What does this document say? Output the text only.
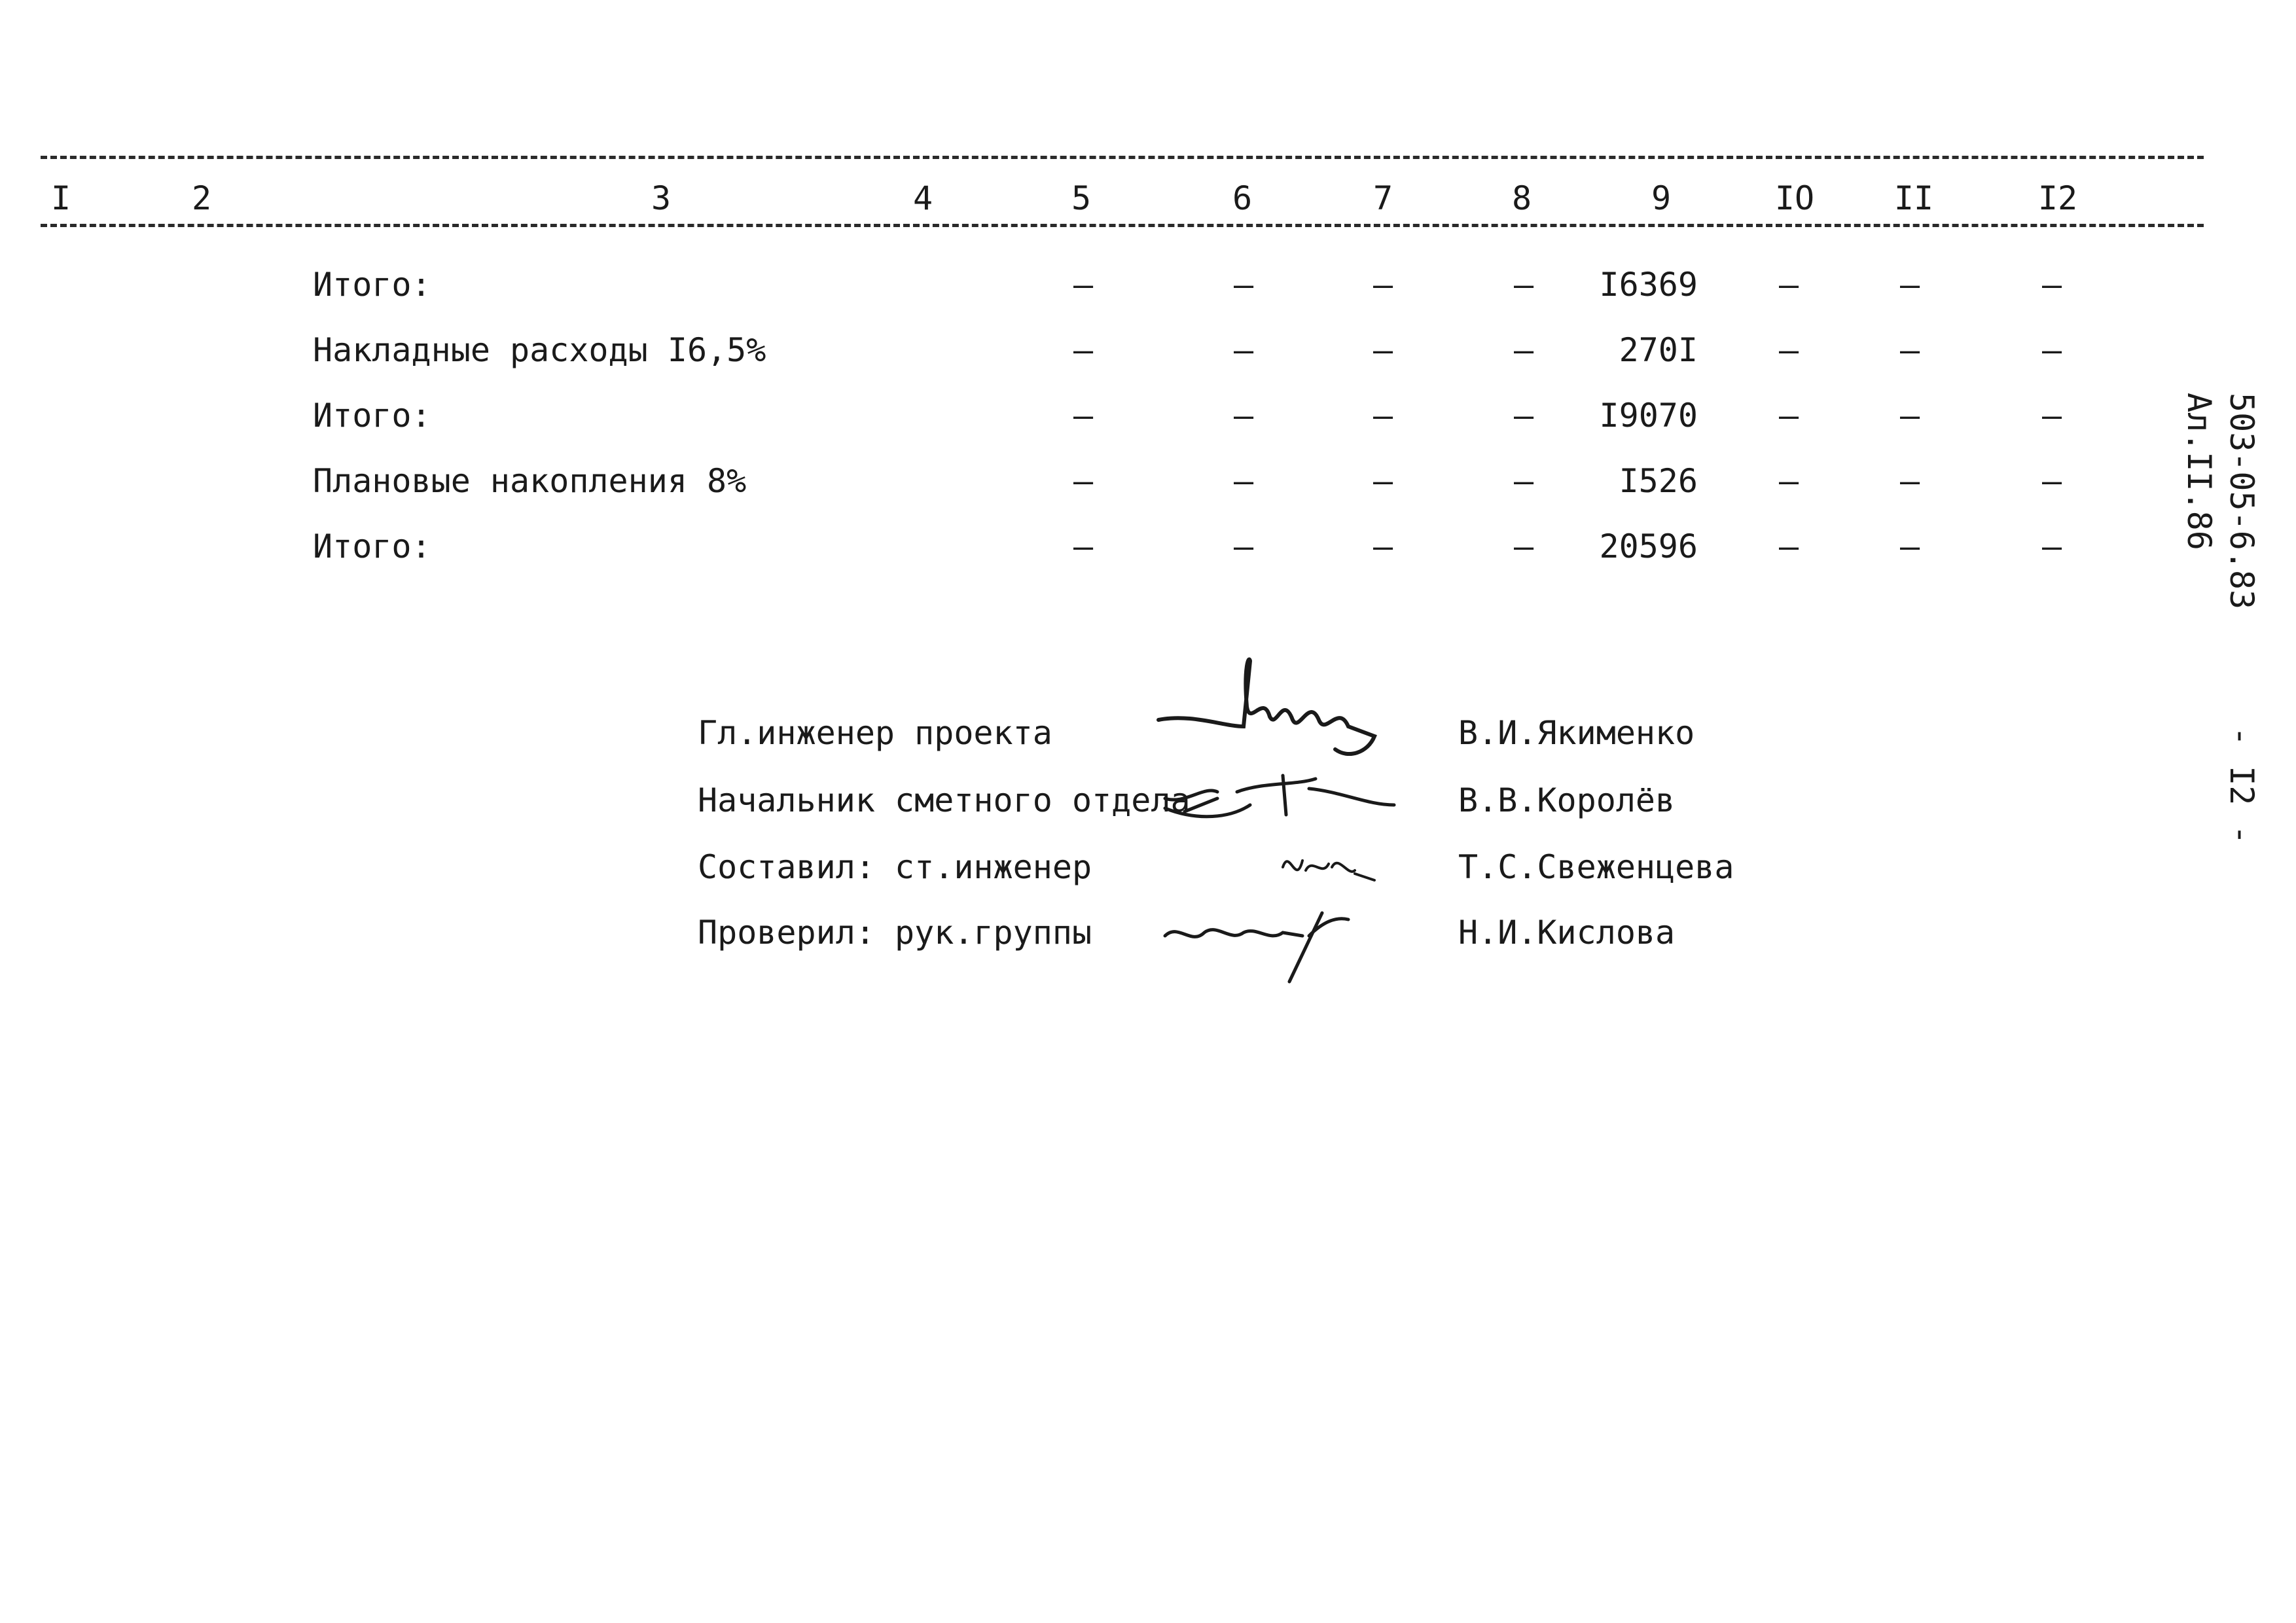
I	2	3	4	5	6	7	8	9	IO II	I2
Итого:	–	–	–	– I6369 –	–	–
Накладные расходы I6,5%	–	–	–	–	270I –	–	–
Итого:	–	–	–	– I9070 –	–	–
Плановые накопления 8%	–	–	–	–	I526 –	–	–
Итого:	–	–	–	– 20596 –	–	–
Гл.инженер проекта	В.И.Якименко
Начальник сметного отдела	В.В.Королёв
Составил: ст.инженер	Т.С.Свеженцева
Проверил: рук.группы	Н.И.Кислова
503-05-6.83
Ал.II.86
- I2 -
